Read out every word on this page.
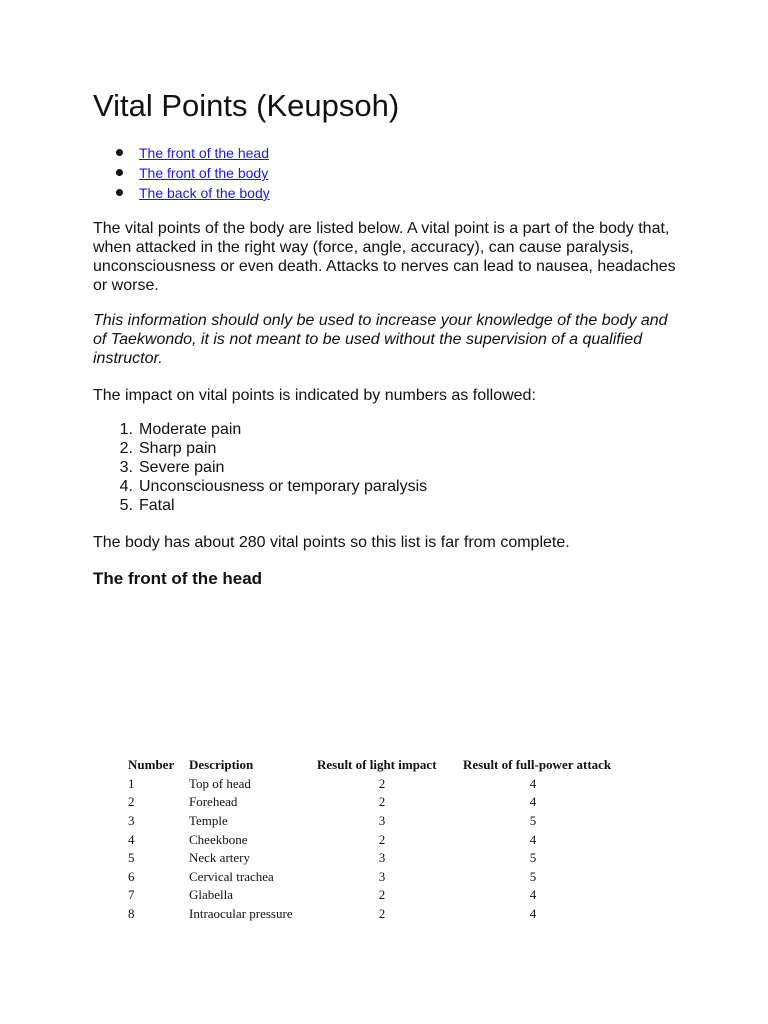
Vital Points (Keupsoh)
The front of the head
The front of the body
The back of the body

The vital points of the body are listed below. A vital point is a part of the body that, when attacked in the right way (force, angle, accuracy), can cause paralysis, unconsciousness or even death. Attacks to nerves can lead to nausea, headaches or worse.

This information should only be used to increase your knowledge of the body and of Taekwondo, it is not meant to be used without the supervision of a qualified instructor.

The impact on vital points is indicated by numbers as followed:

1. Moderate pain
2. Sharp pain
3. Severe pain
4. Unconsciousness or temporary paralysis
5. Fatal

The body has about 280 vital points so this list is far from complete.

The front of the head
Number	Description	Result of light impact	Result of full-power attack
1	Top of head	2	4
2	Forehead	2	4
3	Temple	3	5
4	Cheekbone	2	4
5	Neck artery	3	5
6	Cervical trachea	3	5
7	Glabella	2	4
8	Intraocular pressure	2	4
